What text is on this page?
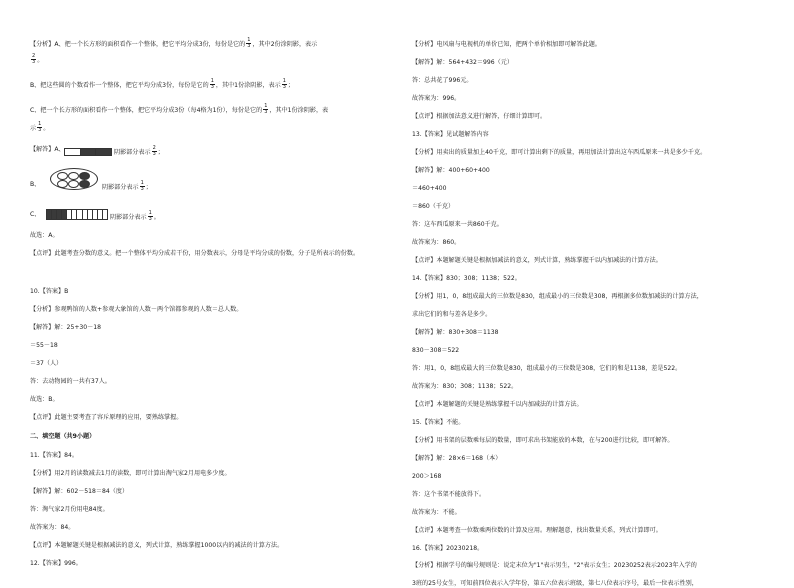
【分析】A、把一个长方形的面积看作一个整体，把它平均分成3份，每份是它的 $\frac{1}{3}$ ，其中2份涂阴影，表示
$\frac{2}{3}$ 。
B、把这些圆的个数看作一个整体，把它平均分成3份，每份是它的 $\frac{1}{3}$ ，其中1份涂阴影，表示 $\frac{1}{3}$ ；
C、把一个长方形的面积看作一个整体，把它平均分成3份（每4格为1份），每份是它的 $\frac{1}{3}$ ，其中1份涂阴影，表
示 $\frac{1}{3}$ 。
【解答】A、	阴影部分表示 $\frac{2}{3}$ ；
B、	阴影部分表示 $\frac{1}{3}$ ；
C、	阴影部分表示 $\frac{1}{3}$ 。
故选：A。
【点评】此题考查分数的意义。把一个整体平均分成若干份，用分数表示，分母是平均分成的份数，分子是所表示的份数。
10.【答案】B
【分析】参观鸭馆的人数+参观大象馆的人数－两个馆都参观的人数＝总人数。
【解答】解：25+30－18
＝55－18
＝37（人）
答：去动物园的一共有37人。
故选：B。
【点评】此题主要考查了容斥原理的应用，要熟练掌握。
二、填空题（共9小题）
11.【答案】84。
【分析】用2月的读数减去1月的读数，即可计算出淘气家2月用电多少度。
【解答】解：602－518＝84（度）
答：淘气家2月份用电84度。
故答案为：84。
【点评】本题解题关键是根据减法的意义，列式计算，熟练掌握1000以内的减法的计算方法。
12.【答案】996。
【分析】电风扇与电视机的单价已知，把两个单价相加即可解答此题。
【解答】解：564+432＝996（元）
答：总共花了996元。
故答案为：996。
【点评】根据加法意义进行解答，仔细计算即可。
13.【答案】见试题解答内容
【分析】用卖出的质量加上40千克，即可计算出剩下的质量，再用加法计算出这车西瓜原来一共是多少千克。
【解答】解：400+60+400
＝460+400
＝860（千克）
答：这车西瓜原来一共860千克。
故答案为：860。
【点评】本题解题关键是根据加减法的意义，列式计算，熟练掌握千以内加减法的计算方法。
14.【答案】830；308；1138；522。
【分析】用1，0，8组成最大的三位数是830，组成最小的三位数是308，再根据多位数加减法的计算方法，
求出它们的和与差各是多少。
【解答】解：830+308＝1138
830－308＝522
答：用1，0，8组成最大的三位数是830，组成最小的三位数是308，它们的和是1138，差是522。
故答案为：830；308；1138；522。
【点评】本题解题的关键是熟练掌握千以内加减法的计算方法。
15.【答案】不能。
【分析】用书架的层数乘每层的数量，即可求出书架能放的本数，在与200进行比较，即可解答。
【解答】解：28×6＝168（本）
200＞168
答：这个书架不能放得下。
故答案为：不能。
【点评】本题考查一位数乘两位数的计算及应用。理解题意，找出数量关系，列式计算即可。
16.【答案】20230218。
【分析】根据学号的编号规则是：说定末位为"1"表示男生，"2"表示女生；20230252表示2023年入学的
3班的25号女生，可知前四位表示入学年份，第五六位表示班级，第七八位表示序号，最后一位表示性别，
